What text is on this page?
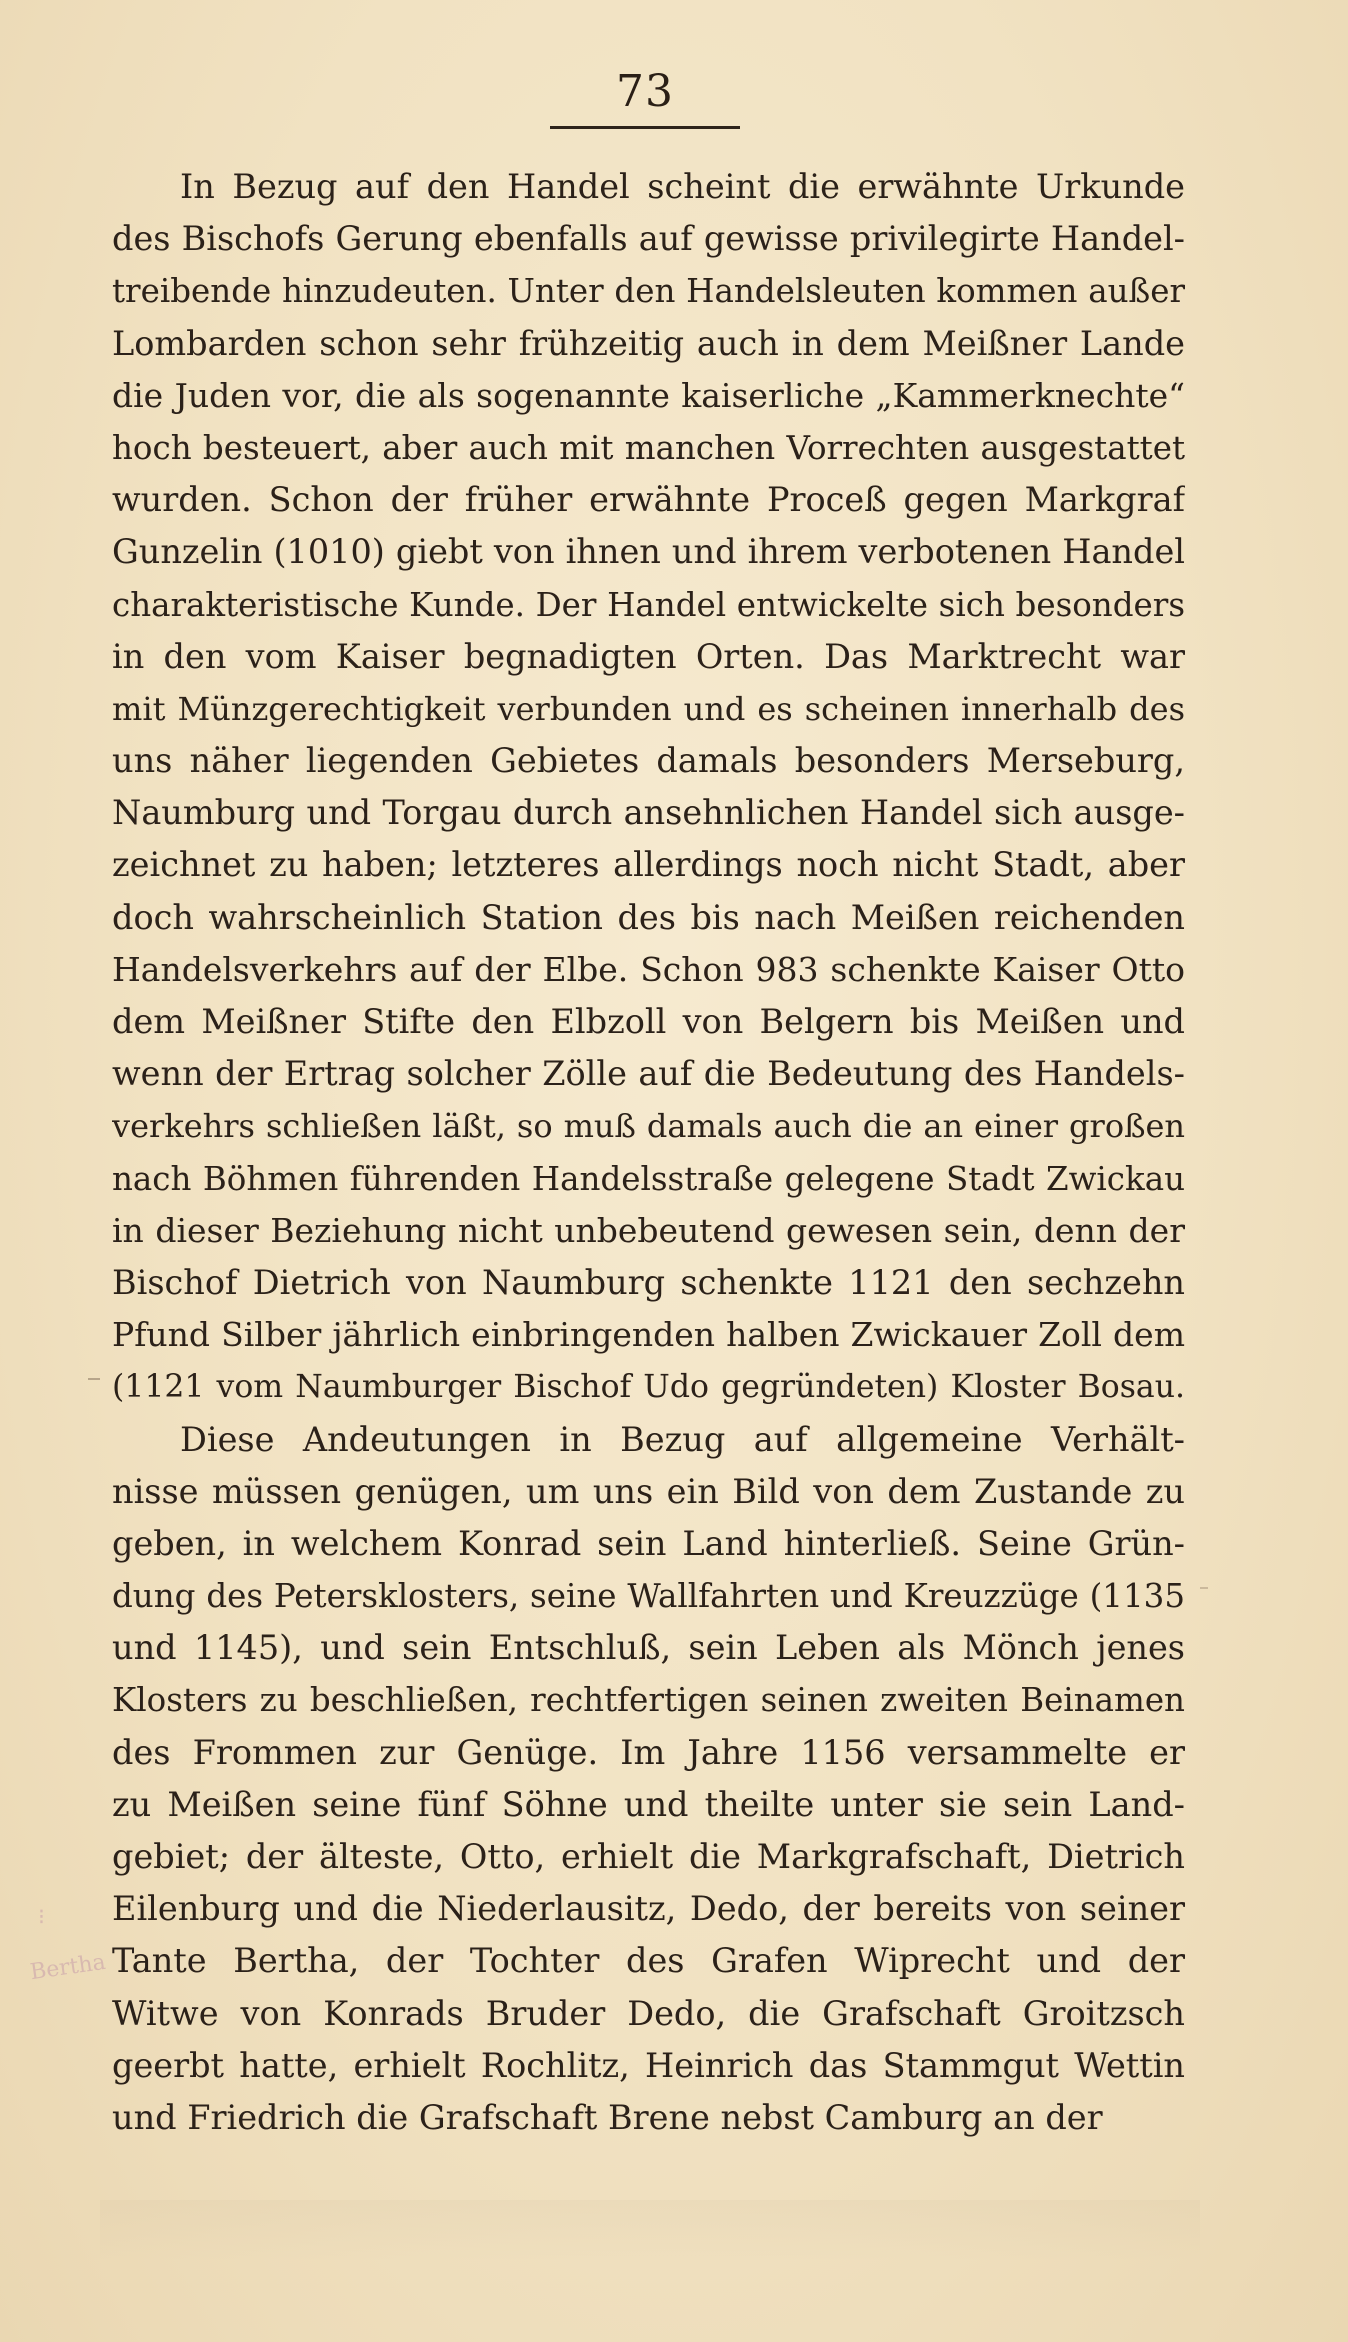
73
In Bezug auf den Handel scheint die erwähnte Urkunde
des Bischofs Gerung ebenfalls auf gewisse privilegirte Handel-
treibende hinzudeuten. Unter den Handelsleuten kommen außer
Lombarden schon sehr frühzeitig auch in dem Meißner Lande
die Juden vor, die als sogenannte kaiserliche „Kammerknechte“
hoch besteuert, aber auch mit manchen Vorrechten ausgestattet
wurden. Schon der früher erwähnte Proceß gegen Markgraf
Gunzelin (1010) giebt von ihnen und ihrem verbotenen Handel
charakteristische Kunde. Der Handel entwickelte sich besonders
in den vom Kaiser begnadigten Orten. Das Marktrecht war
mit Münzgerechtigkeit verbunden und es scheinen innerhalb des
uns näher liegenden Gebietes damals besonders Merseburg,
Naumburg und Torgau durch ansehnlichen Handel sich ausge-
zeichnet zu haben; letzteres allerdings noch nicht Stadt, aber
doch wahrscheinlich Station des bis nach Meißen reichenden
Handelsverkehrs auf der Elbe. Schon 983 schenkte Kaiser Otto
dem Meißner Stifte den Elbzoll von Belgern bis Meißen und
wenn der Ertrag solcher Zölle auf die Bedeutung des Handels-
verkehrs schließen läßt, so muß damals auch die an einer großen
nach Böhmen führenden Handelsstraße gelegene Stadt Zwickau
in dieser Beziehung nicht unbebeutend gewesen sein, denn der
Bischof Dietrich von Naumburg schenkte 1121 den sechzehn
Pfund Silber jährlich einbringenden halben Zwickauer Zoll dem
(1121 vom Naumburger Bischof Udo gegründeten) Kloster Bosau.
Diese Andeutungen in Bezug auf allgemeine Verhält-
nisse müssen genügen, um uns ein Bild von dem Zustande zu
geben, in welchem Konrad sein Land hinterließ. Seine Grün-
dung des Petersklosters, seine Wallfahrten und Kreuzzüge (1135
und 1145), und sein Entschluß, sein Leben als Mönch jenes
Klosters zu beschließen, rechtfertigen seinen zweiten Beinamen
des Frommen zur Genüge. Im Jahre 1156 versammelte er
zu Meißen seine fünf Söhne und theilte unter sie sein Land-
gebiet; der älteste, Otto, erhielt die Markgrafschaft, Dietrich
Eilenburg und die Niederlausitz, Dedo, der bereits von seiner
Tante Bertha, der Tochter des Grafen Wiprecht und der
Witwe von Konrads Bruder Dedo, die Grafschaft Groitzsch
geerbt hatte, erhielt Rochlitz, Heinrich das Stammgut Wettin
und Friedrich die Grafschaft Brene nebst Camburg an der
⁝
Bertha
